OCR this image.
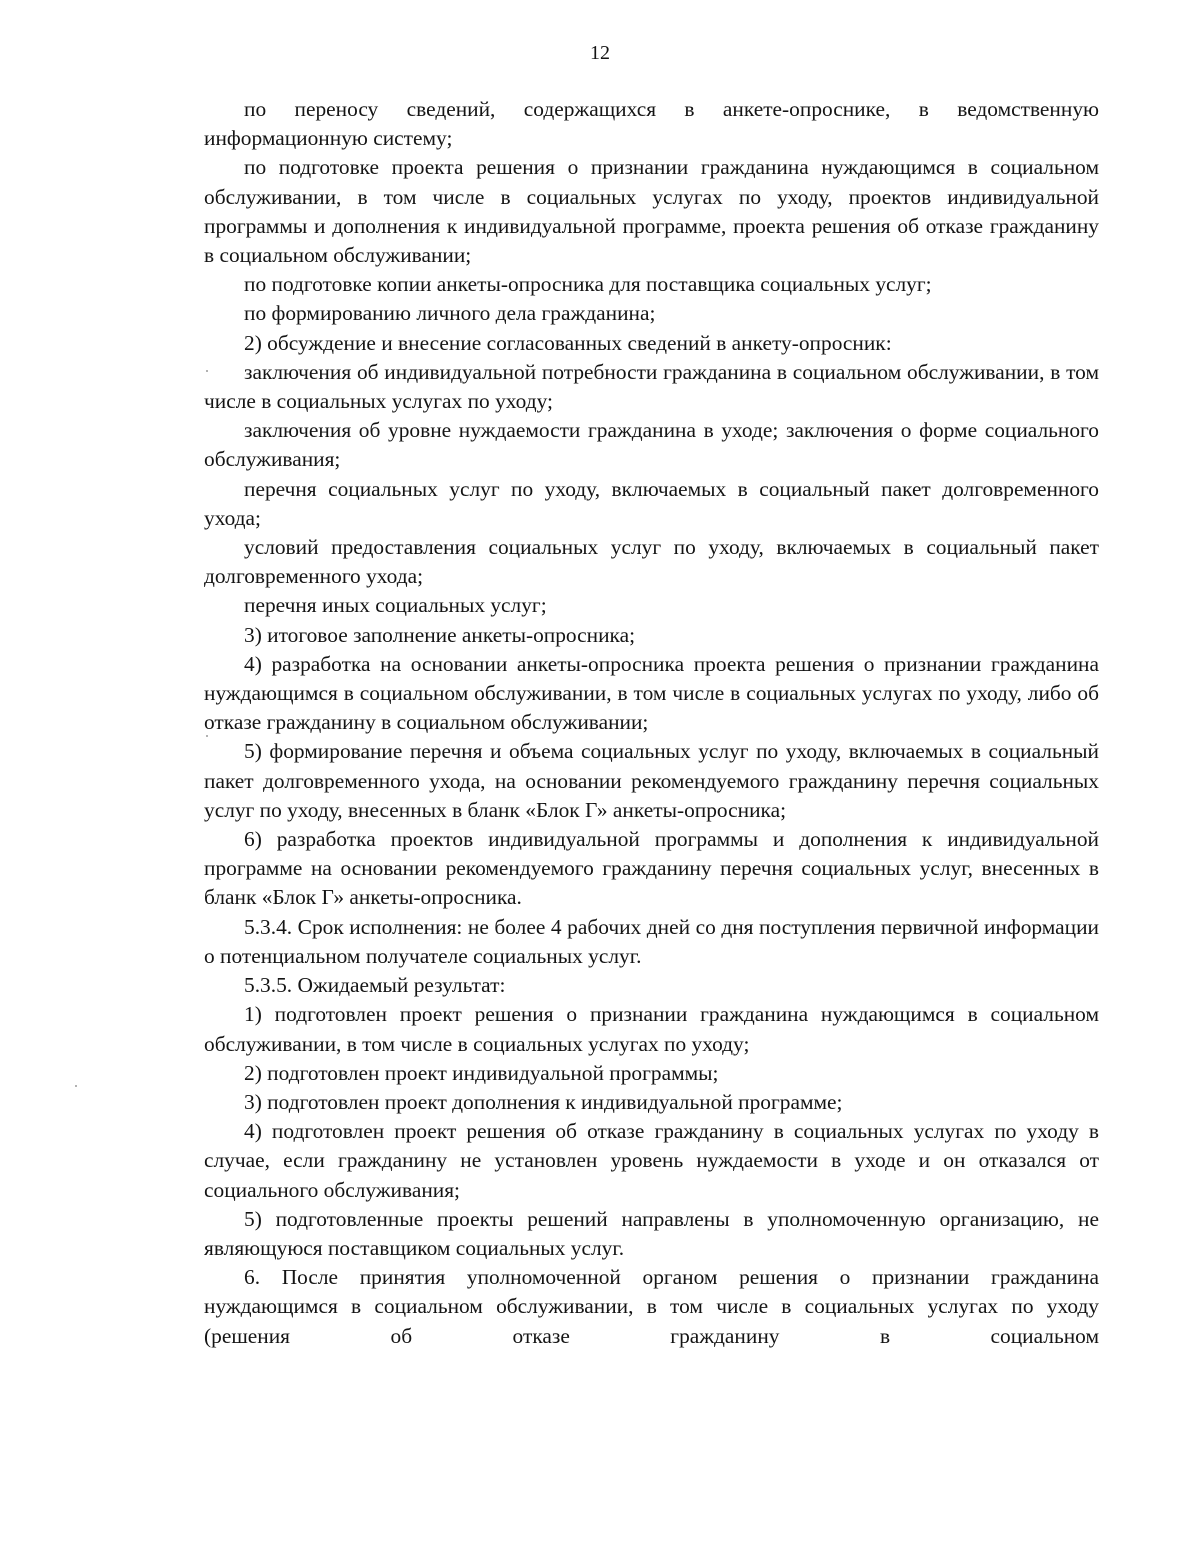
12

по переносу сведений, содержащихся в анкете-опроснике, в ведомственную информационную систему;

по подготовке проекта решения о признании гражданина нуждающимся в социальном обслуживании, в том числе в социальных услугах по уходу, проектов индивидуальной программы и дополнения к индивидуальной программе, проекта решения об отказе гражданину в социальном обслуживании;

по подготовке копии анкеты-опросника для поставщика социальных услуг;

по формированию личного дела гражданина;

2) обсуждение и внесение согласованных сведений в анкету-опросник:

заключения об индивидуальной потребности гражданина в социальном обслуживании, в том числе в социальных услугах по уходу;

заключения об уровне нуждаемости гражданина в уходе; заключения о форме социального обслуживания;

перечня социальных услуг по уходу, включаемых в социальный пакет долговременного ухода;

условий предоставления социальных услуг по уходу, включаемых в социальный пакет долговременного ухода;

перечня иных социальных услуг;

3) итоговое заполнение анкеты-опросника;

4) разработка на основании анкеты-опросника проекта решения о признании гражданина нуждающимся в социальном обслуживании, в том числе в социальных услугах по уходу, либо об отказе гражданину в социальном обслуживании;

5) формирование перечня и объема социальных услуг по уходу, включаемых в социальный пакет долговременного ухода, на основании рекомендуемого гражданину перечня социальных услуг по уходу, внесенных в бланк «Блок Г» анкеты-опросника;

6) разработка проектов индивидуальной программы и дополнения к индивидуальной программе на основании рекомендуемого гражданину перечня социальных услуг, внесенных в бланк «Блок Г» анкеты-опросника.

5.3.4. Срок исполнения: не более 4 рабочих дней со дня поступления первичной информации о потенциальном получателе социальных услуг.

5.3.5. Ожидаемый результат:

1) подготовлен проект решения о признании гражданина нуждающимся в социальном обслуживании, в том числе в социальных услугах по уходу;

2) подготовлен проект индивидуальной программы;

3) подготовлен проект дополнения к индивидуальной программе;

4) подготовлен проект решения об отказе гражданину в социальных услугах по уходу в случае, если гражданину не установлен уровень нуждаемости в уходе и он отказался от социального обслуживания;

5) подготовленные проекты решений направлены в уполномоченную организацию, не являющуюся поставщиком социальных услуг.

6. После принятия уполномоченной органом решения о признании гражданина нуждающимся в социальном обслуживании, в том числе в социальных услугах по уходу (решения об отказе гражданину в социальном
